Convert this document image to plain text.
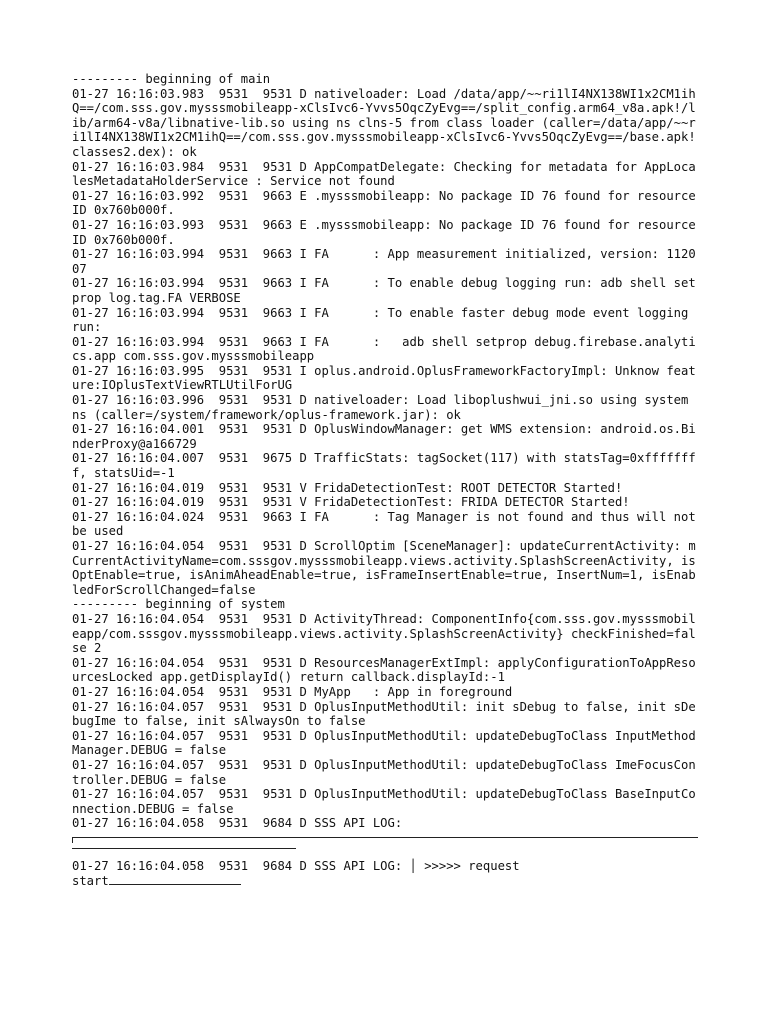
--------- beginning of main
01-27 16:16:03.983  9531  9531 D nativeloader: Load /data/app/~~ri1lI4NX138WI1x2CM1ihQ==/com.sss.gov.mysssmobileapp-xClsIvc6-Yvvs5OqcZyEvg==/split_config.arm64_v8a.apk!/lib/arm64-v8a/libnative-lib.so using ns clns-5 from class loader (caller=/data/app/~~ri1lI4NX138WI1x2CM1ihQ==/com.sss.gov.mysssmobileapp-xClsIvc6-Yvvs5OqcZyEvg==/base.apk!classes2.dex): ok
01-27 16:16:03.984  9531  9531 D AppCompatDelegate: Checking for metadata for AppLocalesMetadataHolderService : Service not found
01-27 16:16:03.992  9531  9663 E .mysssmobileapp: No package ID 76 found for resource ID 0x760b000f.
01-27 16:16:03.993  9531  9663 E .mysssmobileapp: No package ID 76 found for resource ID 0x760b000f.
01-27 16:16:03.994  9531  9663 I FA      : App measurement initialized, version: 112007
01-27 16:16:03.994  9531  9663 I FA      : To enable debug logging run: adb shell setprop log.tag.FA VERBOSE
01-27 16:16:03.994  9531  9663 I FA      : To enable faster debug mode event logging run:
01-27 16:16:03.994  9531  9663 I FA      :   adb shell setprop debug.firebase.analytics.app com.sss.gov.mysssmobileapp
01-27 16:16:03.995  9531  9531 I oplus.android.OplusFrameworkFactoryImpl: Unknow feature:IOplusTextViewRTLUtilForUG
01-27 16:16:03.996  9531  9531 D nativeloader: Load liboplushwui_jni.so using system ns (caller=/system/framework/oplus-framework.jar): ok
01-27 16:16:04.001  9531  9531 D OplusWindowManager: get WMS extension: android.os.BinderProxy@a166729
01-27 16:16:04.007  9531  9675 D TrafficStats: tagSocket(117) with statsTag=0xffffffff, statsUid=-1
01-27 16:16:04.019  9531  9531 V FridaDetectionTest: ROOT DETECTOR Started!
01-27 16:16:04.019  9531  9531 V FridaDetectionTest: FRIDA DETECTOR Started!
01-27 16:16:04.024  9531  9663 I FA      : Tag Manager is not found and thus will not be used
01-27 16:16:04.054  9531  9531 D ScrollOptim [SceneManager]: updateCurrentActivity: mCurrentActivityName=com.sssgov.mysssmobileapp.views.activity.SplashScreenActivity, isOptEnable=true, isAnimAheadEnable=true, isFrameInsertEnable=true, InsertNum=1, isEnabledForScrollChanged=false
--------- beginning of system
01-27 16:16:04.054  9531  9531 D ActivityThread: ComponentInfo{com.sss.gov.mysssmobileapp/com.sssgov.mysssmobileapp.views.activity.SplashScreenActivity} checkFinished=false 2
01-27 16:16:04.054  9531  9531 D ResourcesManagerExtImpl: applyConfigurationToAppResourcesLocked app.getDisplayId() return callback.displayId:-1
01-27 16:16:04.054  9531  9531 D MyApp   : App in foreground
01-27 16:16:04.057  9531  9531 D OplusInputMethodUtil: init sDebug to false, init sDebugIme to false, init sAlwaysOn to false
01-27 16:16:04.057  9531  9531 D OplusInputMethodUtil: updateDebugToClass InputMethodManager.DEBUG = false
01-27 16:16:04.057  9531  9531 D OplusInputMethodUtil: updateDebugToClass ImeFocusController.DEBUG = false
01-27 16:16:04.057  9531  9531 D OplusInputMethodUtil: updateDebugToClass BaseInputConnection.DEBUG = false
01-27 16:16:04.058  9531  9684 D SSS API LOG:
01-27 16:16:04.058  9531  9684 D SSS API LOG: │ >>>>> request
start
